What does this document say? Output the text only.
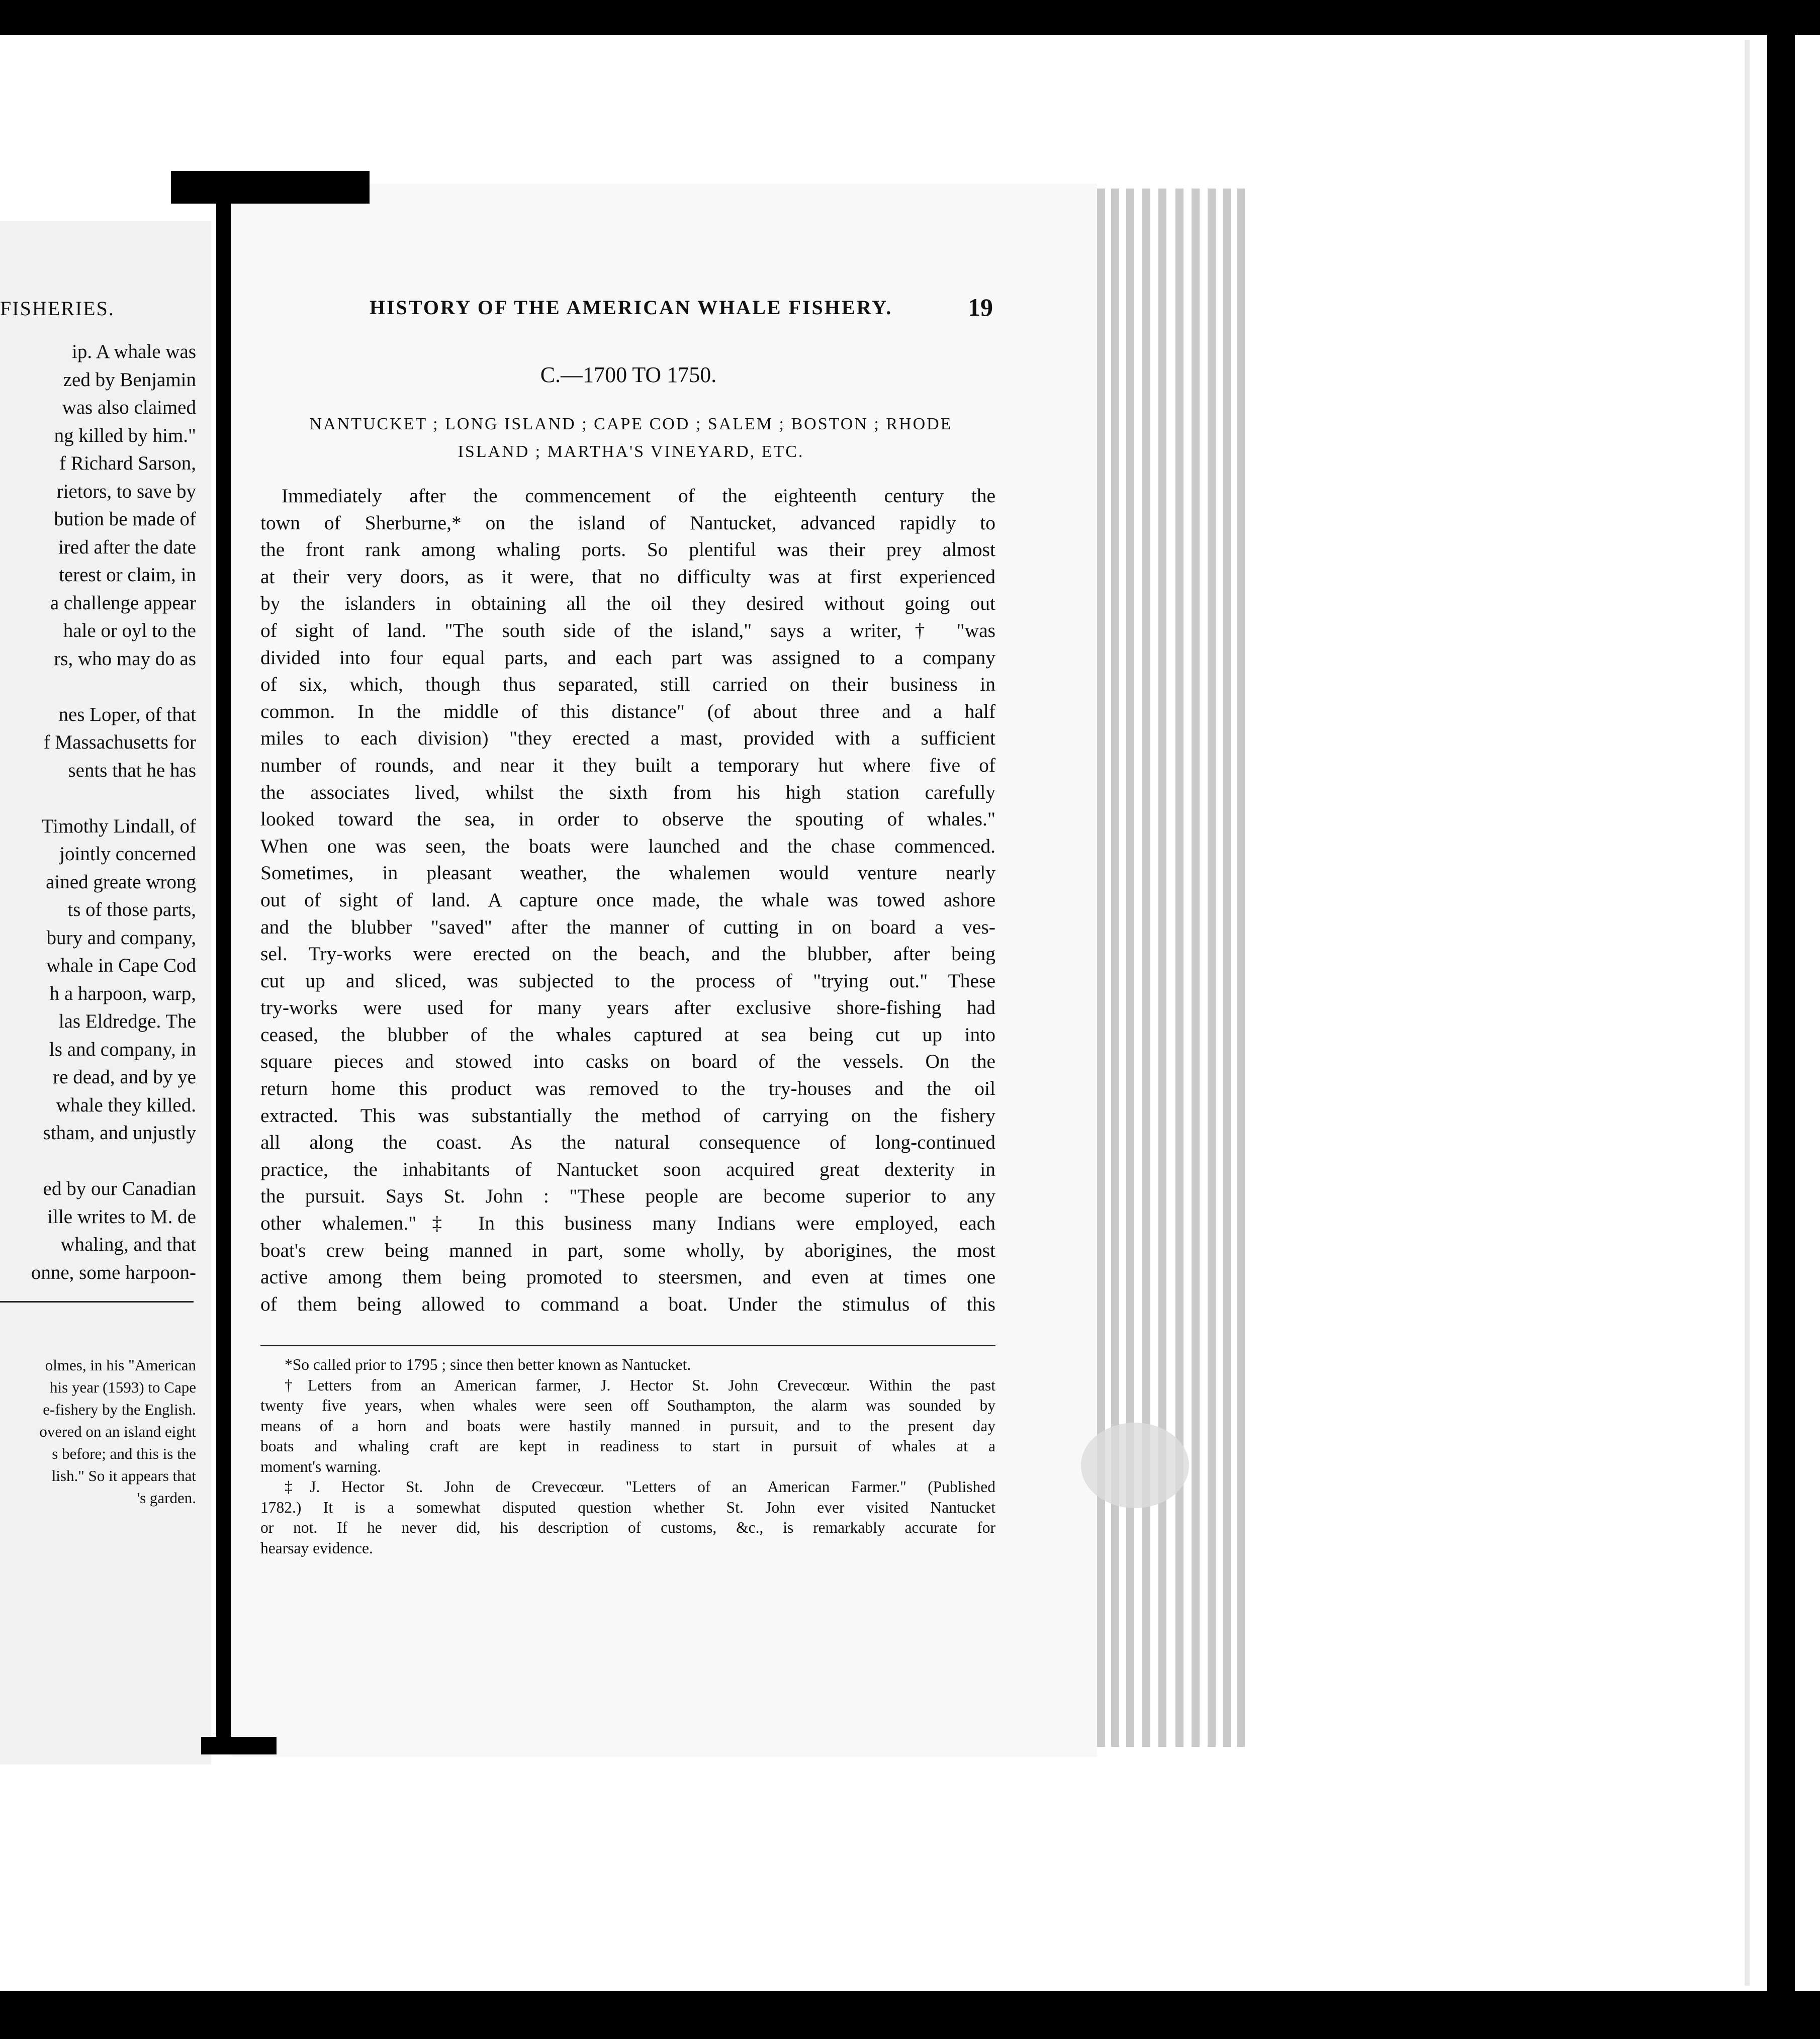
FISHERIES.
ip. A whale was
zed by Benjamin
was also claimed
ng killed by him."
f Richard Sarson,
rietors, to save by
bution be made of
ired after the date
terest or claim, in
a challenge appear
hale or oyl to the
rs, who may do as
nes Loper, of that
f Massachusetts for
sents that he has
Timothy Lindall, of
jointly concerned
ained greate wrong
ts of those parts,
bury and company,
whale in Cape Cod
h a harpoon, warp,
las Eldredge. The
ls and company, in
re dead, and by ye
whale they killed.
stham, and unjustly
ed by our Canadian
ille writes to M. de
whaling, and that
onne, some harpoon-
olmes, in his "American
his year (1593) to Cape
e-fishery by the English.
overed on an island eight
s before; and this is the
lish." So it appears that
's garden.
HISTORY OF THE AMERICAN WHALE FISHERY.	19
C.—1700 TO 1750.
NANTUCKET ; LONG ISLAND ; CAPE COD ; SALEM ; BOSTON ; RHODE
ISLAND ; MARTHA'S VINEYARD, ETC.
Immediately after the commencement of the eighteenth century the
town of Sherburne,* on the island of Nantucket, advanced rapidly to
the front rank among whaling ports. So plentiful was their prey almost
at their very doors, as it were, that no difficulty was at first experienced
by the islanders in obtaining all the oil they desired without going out
of sight of land. "The south side of the island," says a writer,† "was
divided into four equal parts, and each part was assigned to a company
of six, which, though thus separated, still carried on their business in
common. In the middle of this distance" (of about three and a half
miles to each division) "they erected a mast, provided with a sufficient
number of rounds, and near it they built a temporary hut where five of
the associates lived, whilst the sixth from his high station carefully
looked toward the sea, in order to observe the spouting of whales."
When one was seen, the boats were launched and the chase commenced.
Sometimes, in pleasant weather, the whalemen would venture nearly
out of sight of land. A capture once made, the whale was towed ashore
and the blubber "saved" after the manner of cutting in on board a ves-
sel. Try-works were erected on the beach, and the blubber, after being
cut up and sliced, was subjected to the process of "trying out." These
try-works were used for many years after exclusive shore-fishing had
ceased, the blubber of the whales captured at sea being cut up into
square pieces and stowed into casks on board of the vessels. On the
return home this product was removed to the try-houses and the oil
extracted. This was substantially the method of carrying on the fishery
all along the coast. As the natural consequence of long-continued
practice, the inhabitants of Nantucket soon acquired great dexterity in
the pursuit. Says St. John : "These people are become superior to any
other whalemen."‡ In this business many Indians were employed, each
boat's crew being manned in part, some wholly, by aborigines, the most
active among them being promoted to steersmen, and even at times one
of them being allowed to command a boat. Under the stimulus of this
*So called prior to 1795 ; since then better known as Nantucket.
†Letters from an American farmer, J. Hector St. John Crevecœur. Within the past
twenty five years, when whales were seen off Southampton, the alarm was sounded by
means of a horn and boats were hastily manned in pursuit, and to the present day
boats and whaling craft are kept in readiness to start in pursuit of whales at a
moment's warning.
‡J. Hector St. John de Crevecœur. "Letters of an American Farmer." (Published
1782.) It is a somewhat disputed question whether St. John ever visited Nantucket
or not. If he never did, his description of customs, &c., is remarkably accurate for
hearsay evidence.
